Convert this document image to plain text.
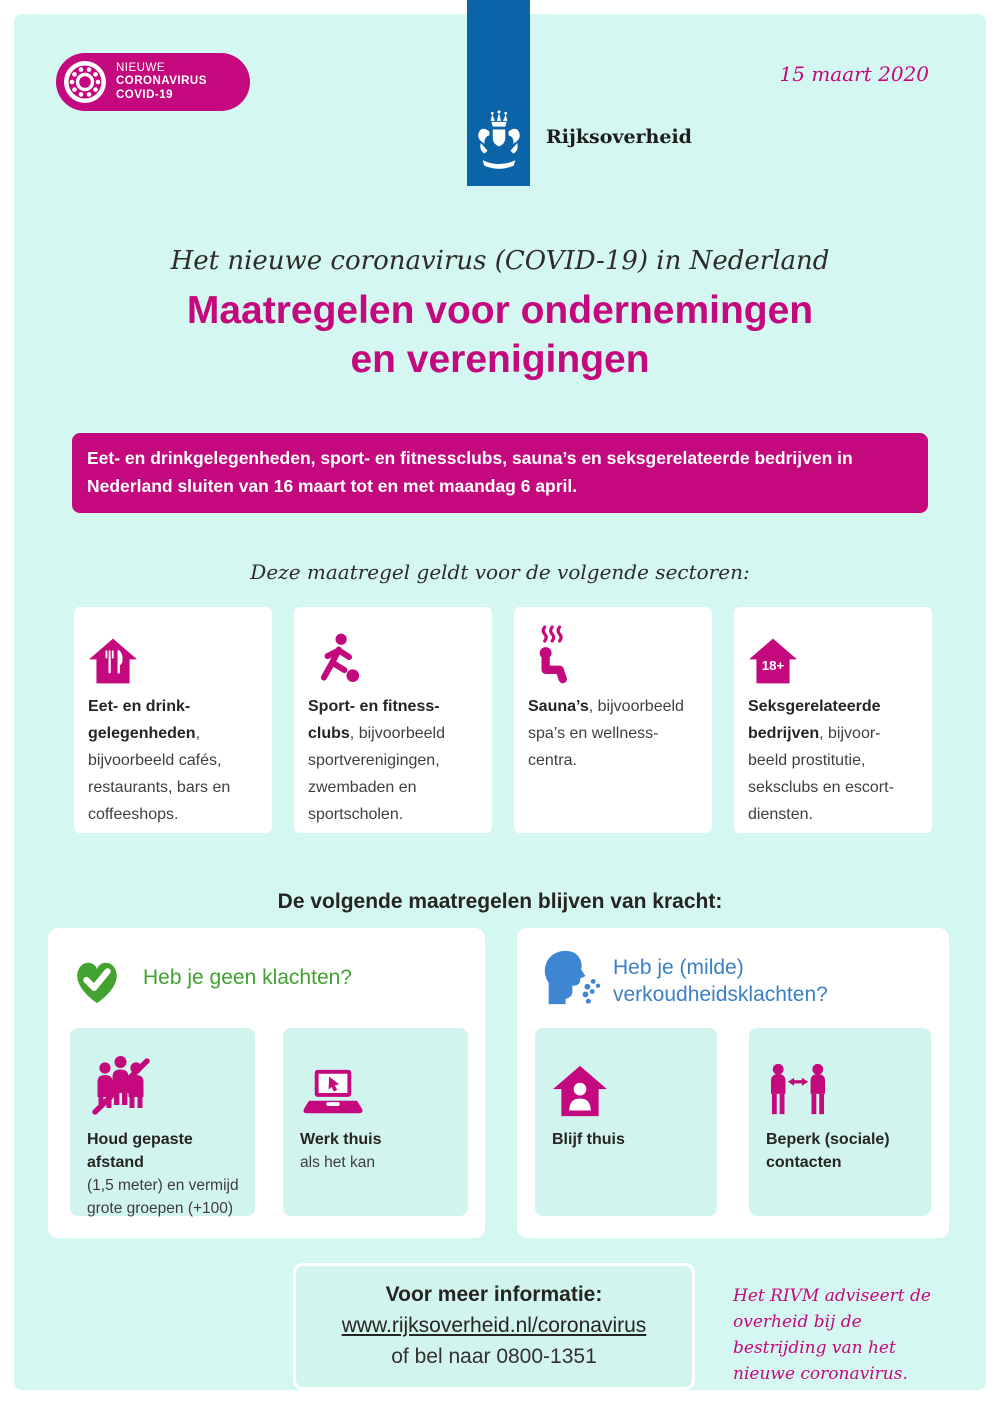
NIEUWE
CORONAVIRUS
COVID-19
Rijksoverheid
15 maart 2020
Het nieuwe coronavirus (COVID-19) in Nederland
Maatregelen voor ondernemingen
en verenigingen
Eet- en drinkgelegenheden, sport- en fitnessclubs, sauna’s en seksgerelateerde bedrijven in Nederland sluiten van 16 maart tot en met maandag 6 april.
Deze maatregel geldt voor de volgende sectoren:

Eet- en drink-gelegenheden, bijvoorbeeld cafés, restaurants, bars en coffeeshops.

Sport- en fitness-clubs, bijvoorbeeld sportverenigingen, zwembaden en sportscholen.

Sauna’s, bijvoorbeeld spa’s en wellness-centra.

18+

Seksgerelateerde bedrijven, bijvoor-beeld prostitutie, seksclubs en escort-diensten.

De volgende maatregelen blijven van kracht:
Heb je geen klachten?

Houd gepaste afstand
(1,5 meter) en vermijd grote groepen (+100)

Werk thuis
als het kan

Heb je (milde) verkoudheidsklachten?

Blijf thuis	Beperk (sociale) contacten

Voor meer informatie:
www.rijksoverheid.nl/coronavirus
of bel naar 0800-1351
Het RIVM adviseert de overheid bij de bestrijding van het nieuwe coronavirus.
